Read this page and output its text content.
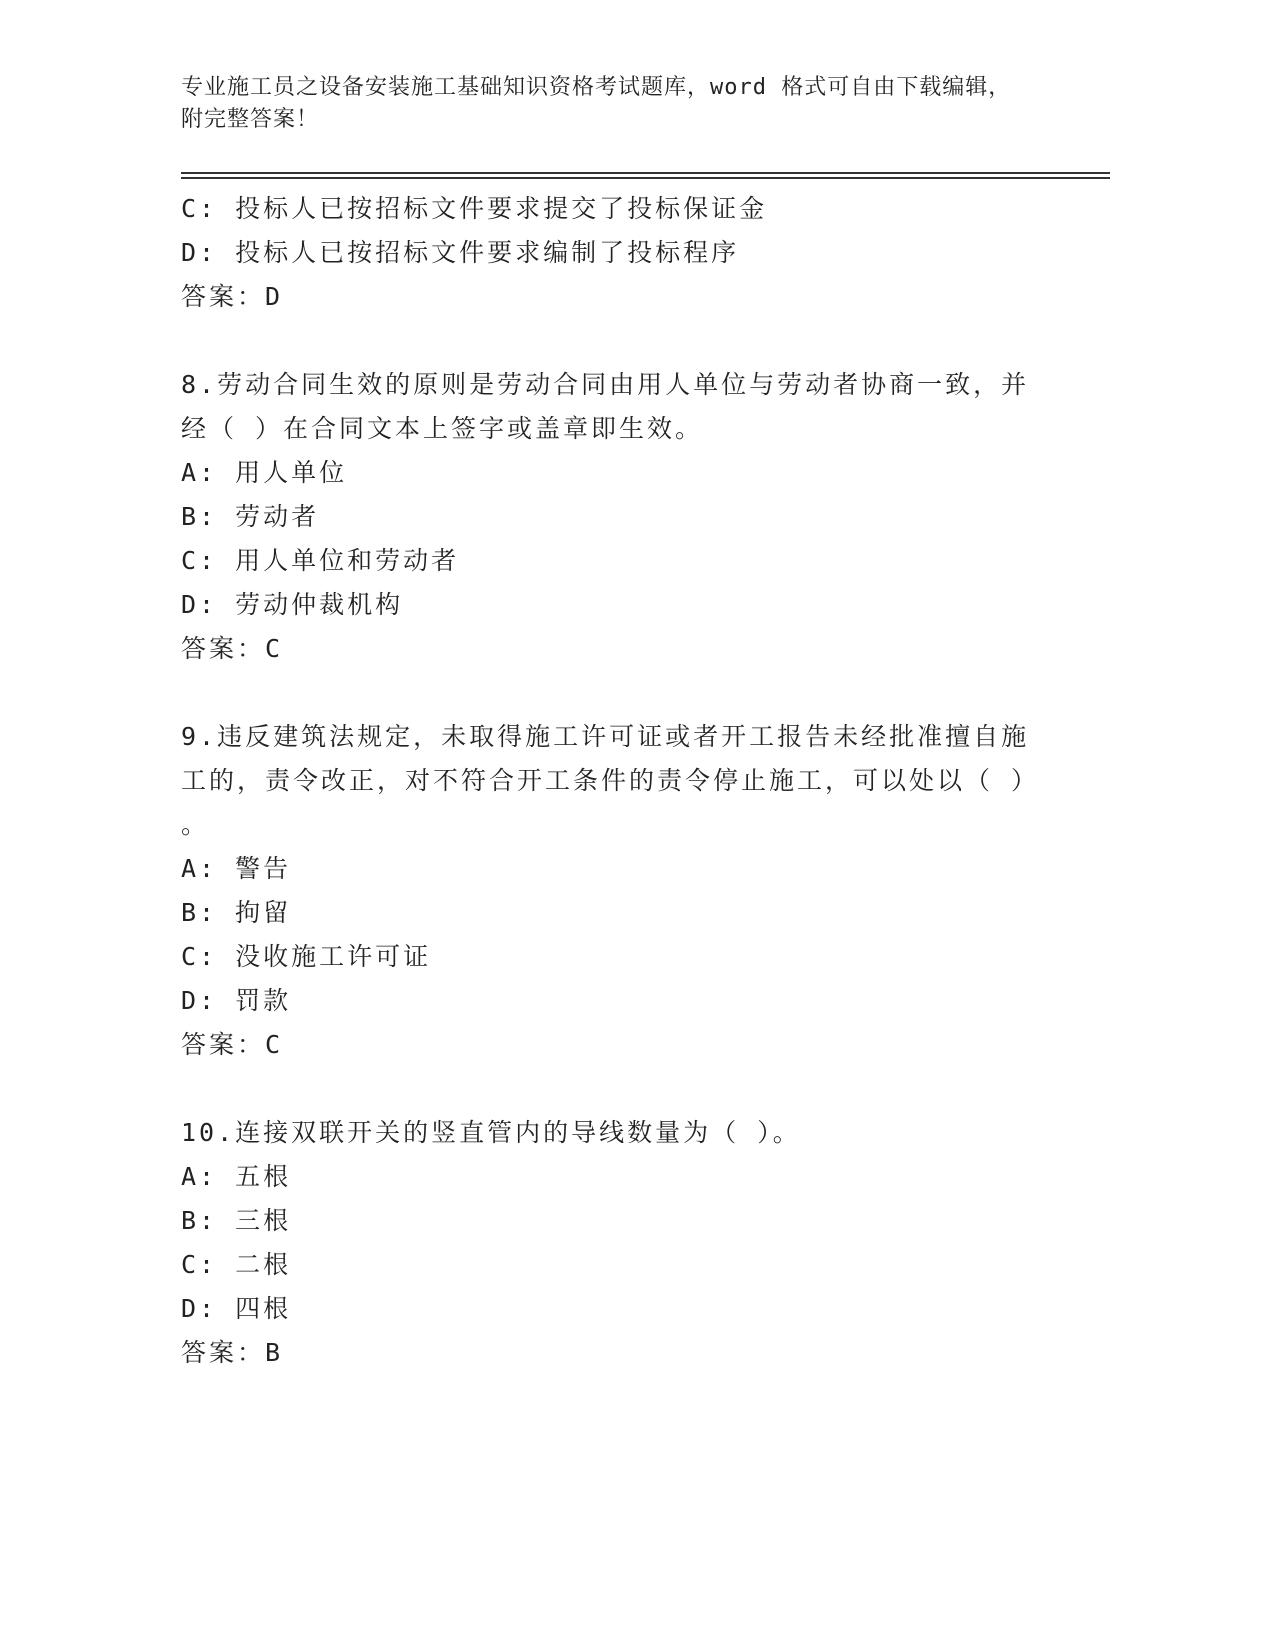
专业施工员之设备安装施工基础知识资格考试题库，word 格式可自由下载编辑，
附完整答案！
C: 投标人已按招标文件要求提交了投标保证金
D: 投标人已按招标文件要求编制了投标程序
答案：D
8.劳动合同生效的原则是劳动合同由用人单位与劳动者协商一致，并
经（ ）在合同文本上签字或盖章即生效。
A: 用人单位
B: 劳动者
C: 用人单位和劳动者
D: 劳动仲裁机构
答案：C
9.违反建筑法规定，未取得施工许可证或者开工报告未经批准擅自施
工的，责令改正，对不符合开工条件的责令停止施工，可以处以（ ）
。
A: 警告
B: 拘留
C: 没收施工许可证
D: 罚款
答案：C
10.连接双联开关的竖直管内的导线数量为（ ）。
A: 五根
B: 三根
C: 二根
D: 四根
答案：B
